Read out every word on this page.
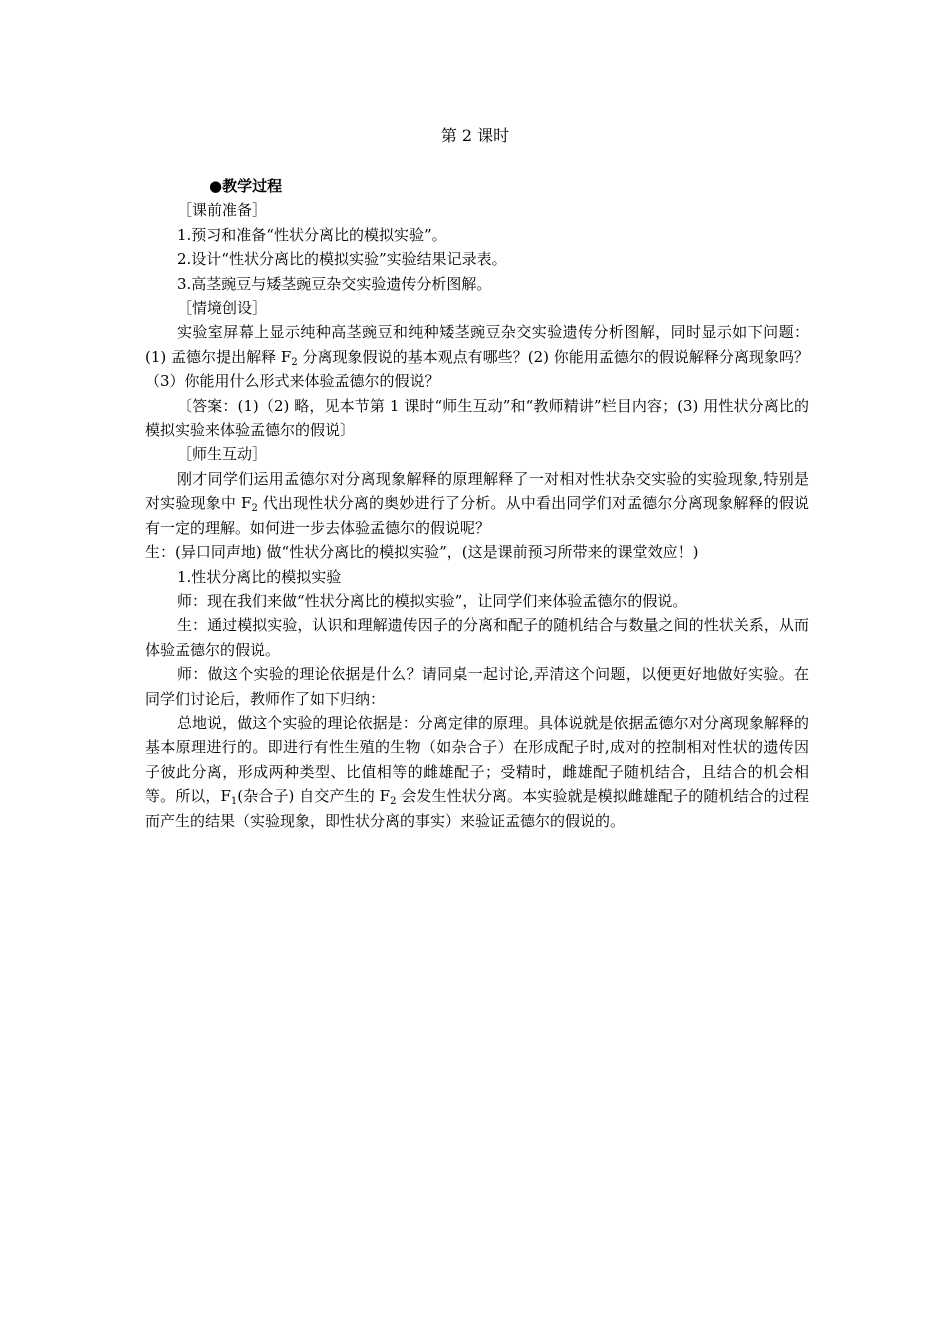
第 2 课时

●教学过程

［课前准备］

1.预习和准备“性状分离比的模拟实验”。

2.设计“性状分离比的模拟实验”实验结果记录表。

3.高茎豌豆与矮茎豌豆杂交实验遗传分析图解。

［情境创设］

实验室屏幕上显示纯种高茎豌豆和纯种矮茎豌豆杂交实验遗传分析图解，同时显示如下问题：(1) 孟德尔提出解释 $F_2$ 分离现象假说的基本观点有哪些？(2) 你能用孟德尔的假说解释分离现象吗？（3）你能用什么形式来体验孟德尔的假说？

〔答案：(1)（2) 略，见本节第 1 课时“师生互动”和“教师精讲”栏目内容；(3) 用性状分离比的模拟实验来体验孟德尔的假说〕

［师生互动］

刚才同学们运用孟德尔对分离现象解释的原理解释了一对相对性状杂交实验的实验现象,特别是对实验现象中 $F_2$ 代出现性状分离的奥妙进行了分析。从中看出同学们对孟德尔分离现象解释的假说有一定的理解。如何进一步去体验孟德尔的假说呢？

生：(异口同声地) 做“性状分离比的模拟实验”，(这是课前预习所带来的课堂效应！)

1.性状分离比的模拟实验

师：现在我们来做“性状分离比的模拟实验”，让同学们来体验孟德尔的假说。

生：通过模拟实验，认识和理解遗传因子的分离和配子的随机结合与数量之间的性状关系，从而体验孟德尔的假说。

师：做这个实验的理论依据是什么？请同桌一起讨论,弄清这个问题，以便更好地做好实验。在同学们讨论后，教师作了如下归纳：

总地说，做这个实验的理论依据是：分离定律的原理。具体说就是依据孟德尔对分离现象解释的基本原理进行的。即进行有性生殖的生物（如杂合子）在形成配子时,成对的控制相对性状的遗传因子彼此分离，形成两种类型、比值相等的雌雄配子；受精时，雌雄配子随机结合，且结合的机会相等。所以，$F_1$(杂合子) 自交产生的 $F_2$ 会发生性状分离。本实验就是模拟雌雄配子的随机结合的过程而产生的结果（实验现象，即性状分离的事实）来验证孟德尔的假说的。
